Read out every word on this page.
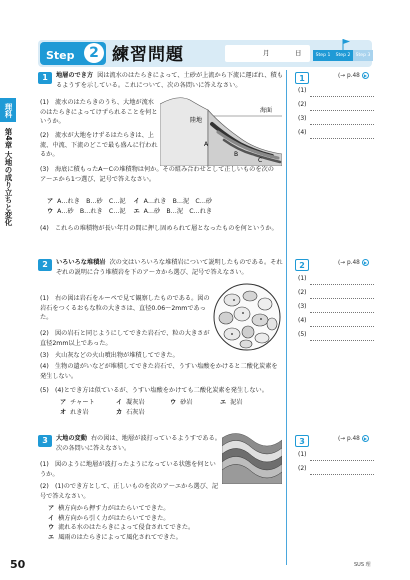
Step	2 練習問題	月	日	Step 1	Step 2	Step 3
理科
第4章 大地の成り立ちと変化
1	地層のでき方 図は流水のはたらきによって、土砂が上流から下流に運ばれ、積もるようすを示している。これについて、次の各問いに答えなさい。
(1)　流水のはたらきのうち、大地が流水のはたらきによってけずられることを何というか。
(2)　流水が大地をけずるはたらきは、上流、中流、下流のどこで最も盛んに行われるか。
(3)　海底に積もったA～Cの堆積物は何か。その組み合わせとして正しいものを次のア～エから1つ選び、記号で答えなさい。
ア A…れき　B…砂　C…泥 イ A…れき　B…泥　C…砂
ウ A…砂　B…れき　C…泥 エ A…砂　B…泥　C…れき
(4)　これらの堆積物が長い年月の間に押し固められて層となったものを何というか。
陸地
海面
A
B
C
1	(→ p.48 ▶
(1)
(2)
(3)
(4)
2	いろいろな堆積岩 次の文はいろいろな堆積岩について説明したものである。それぞれの説明に合う堆積岩を下のア～カから選び、記号で答えなさい。
(1)　右の図は岩石をルーペで見て観察したものである。図の岩石をつくるおもな粒の大きさは、直径0.06～2mmであった。
(2)　図の岩石と同じようにしてできた岩石で、粒の大きさが直径2mm以上であった。
(3)　火山灰などの火山噴出物が堆積してできた。
(4)　生物の遺がいなどが堆積してできた岩石で、うすい塩酸をかけると二酸化炭素を発生しない。
(5)　(4)とでき方は似ているが、うすい塩酸をかけても二酸化炭素を発生しない。
ア チャート	イ 凝灰岩	ウ 砂岩	エ 泥岩
オ れき岩	カ 石灰岩
2	(→ p.48 ▶
(1)
(2)
(3)
(4)
(5)
3	大地の変動 右の図は、地層が波打っているようすである。次の各問いに答えなさい。
(1)　図のように地層が波打ったようになっている状態を何というか。
(2)　(1)のでき方として、正しいものを次のア～エから選び、記号で答えなさい。
ア 横方向から押す力がはたらいてできた。
イ 横方向から引く力がはたらいてできた。
ウ 流れる水のはたらきによって侵食されてできた。
エ 風雨のはたらきによって風化されてできた。
3	(→ p.48 ▶
(1)
(2)
50	SUS 理
